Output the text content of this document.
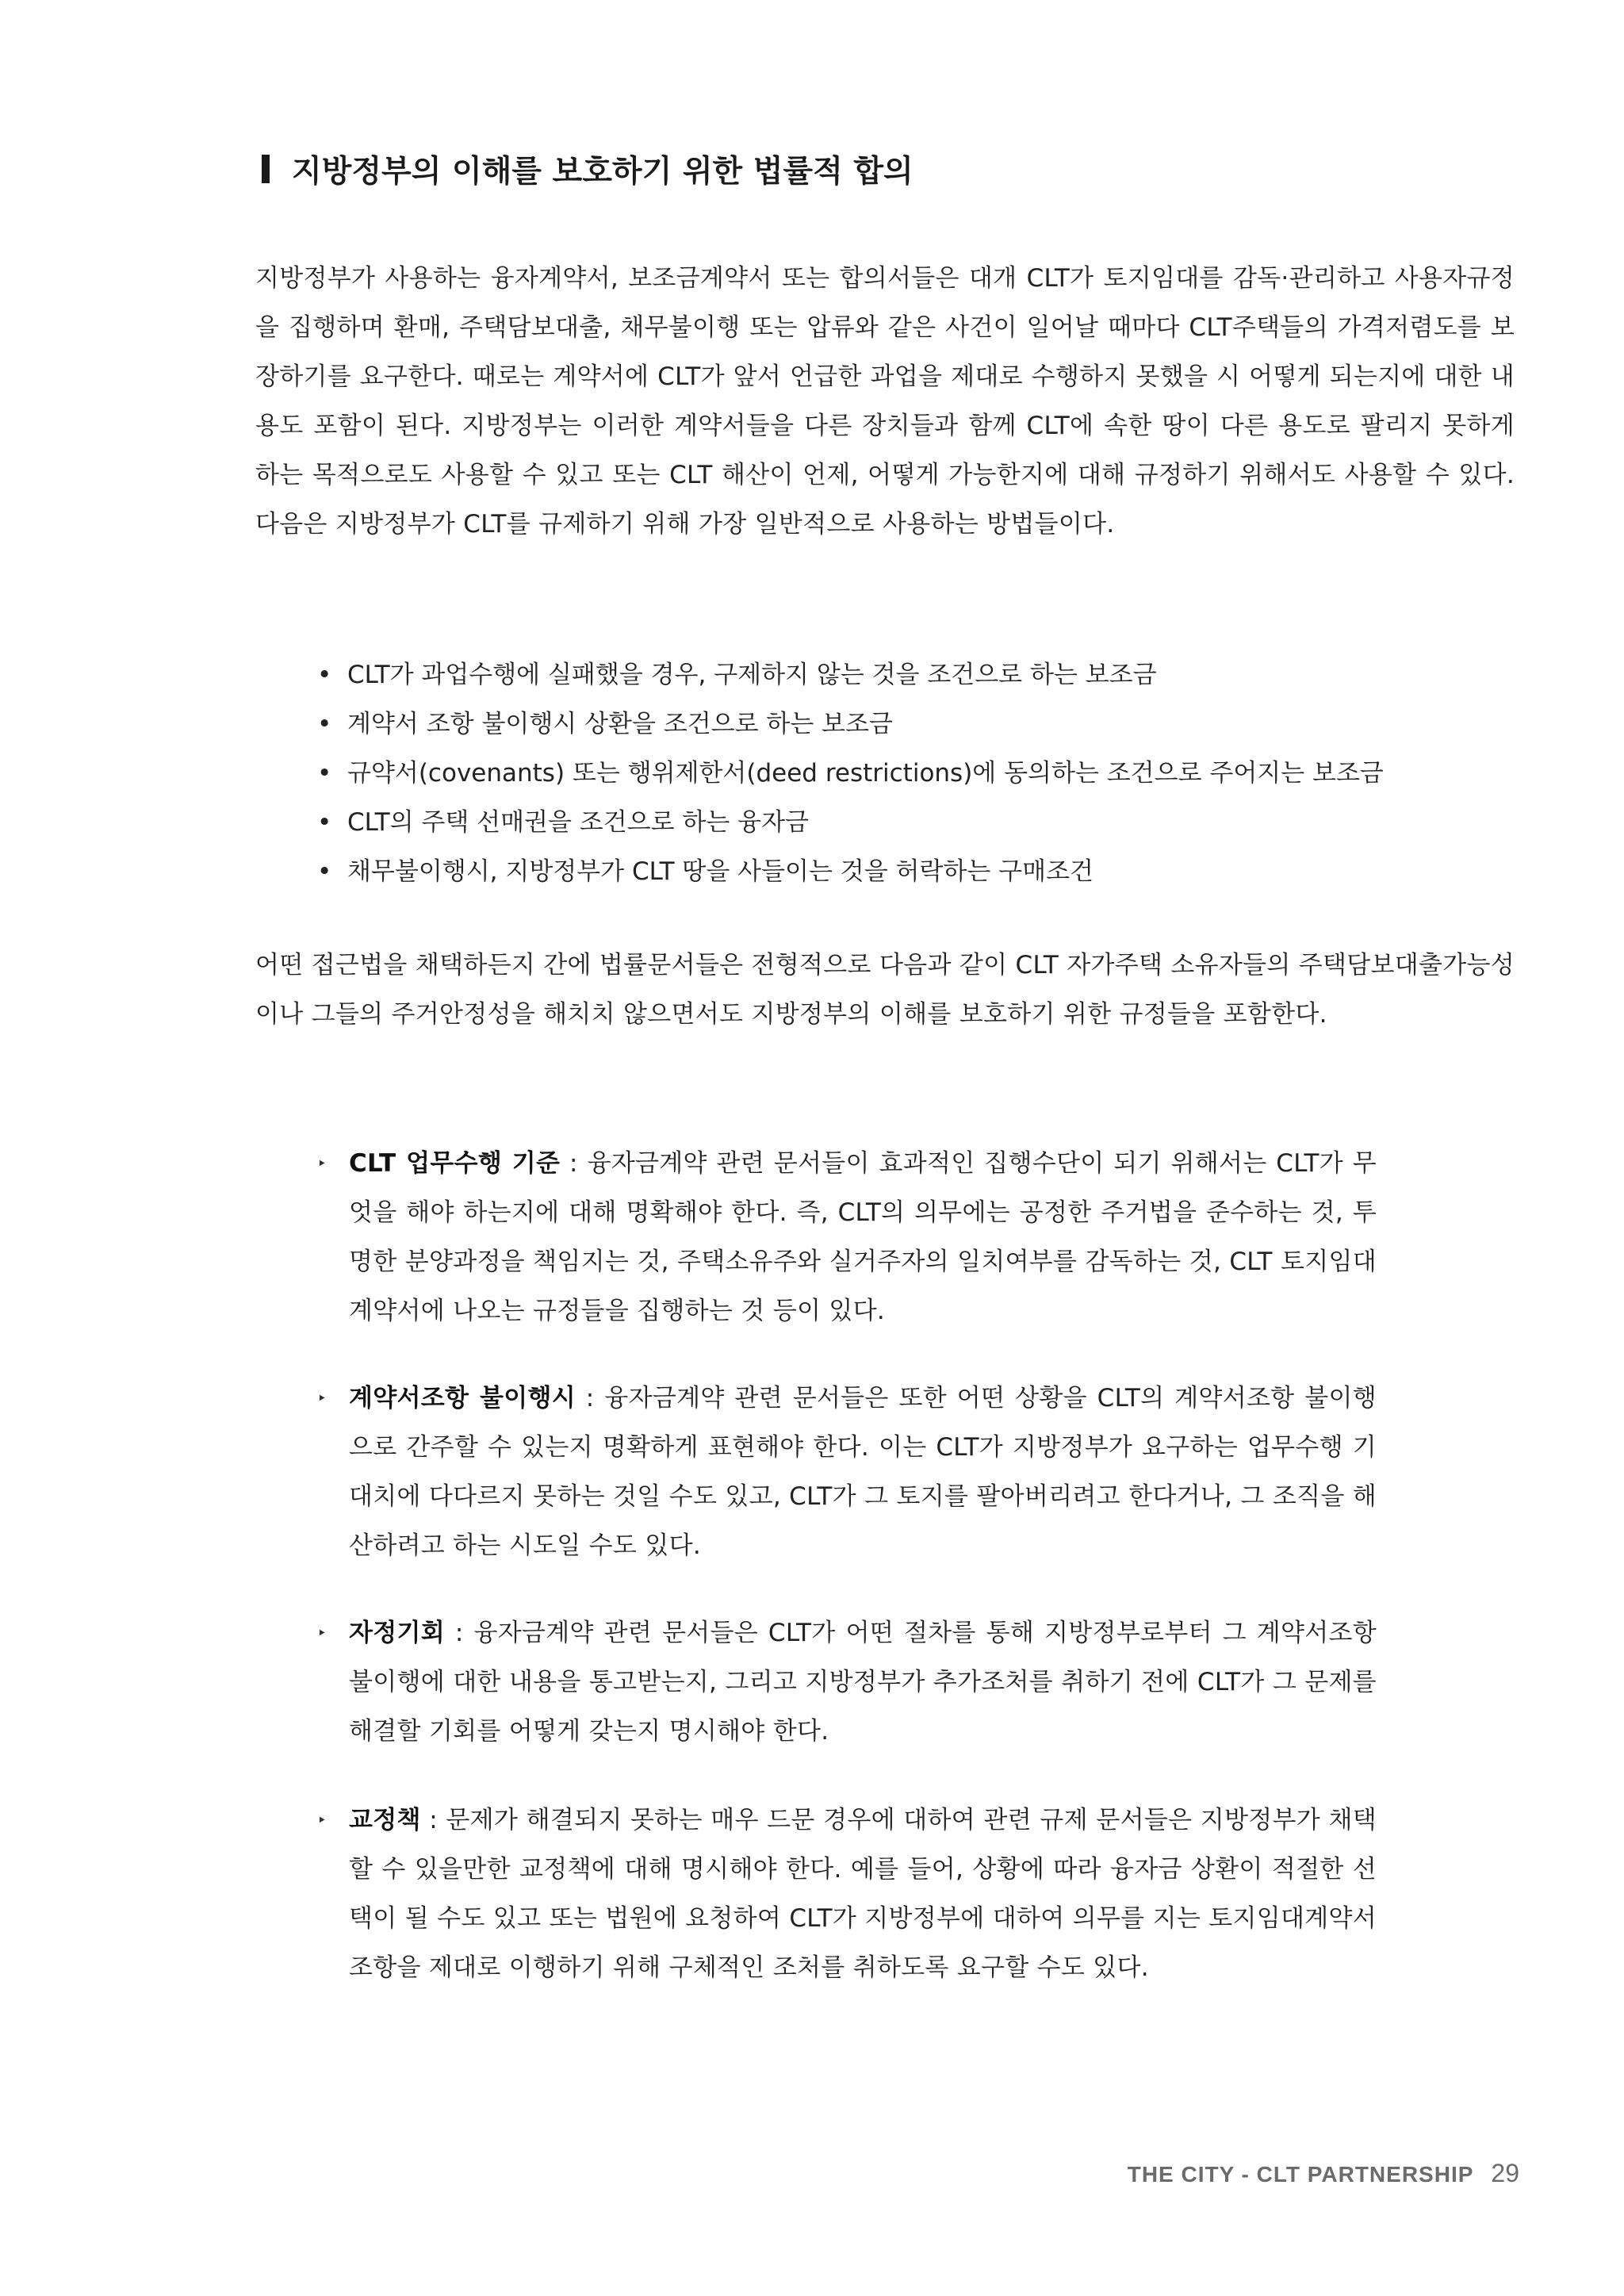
지방정부의 이해를 보호하기 위한 법률적 합의

지방정부가 사용하는 융자계약서, 보조금계약서 또는 합의서들은 대개 CLT가 토지임대를 감독·관리하고 사용자규정을 집행하며 환매, 주택담보대출, 채무불이행 또는 압류와 같은 사건이 일어날 때마다 CLT주택들의 가격저렴도를 보장하기를 요구한다. 때로는 계약서에 CLT가 앞서 언급한 과업을 제대로 수행하지 못했을 시 어떻게 되는지에 대한 내용도 포함이 된다. 지방정부는 이러한 계약서들을 다른 장치들과 함께 CLT에 속한 땅이 다른 용도로 팔리지 못하게 하는 목적으로도 사용할 수 있고 또는 CLT 해산이 언제, 어떻게 가능한지에 대해 규정하기 위해서도 사용할 수 있다. 다음은 지방정부가 CLT를 규제하기 위해 가장 일반적으로 사용하는 방법들이다.

• CLT가 과업수행에 실패했을 경우, 구제하지 않는 것을 조건으로 하는 보조금
• 계약서 조항 불이행시 상환을 조건으로 하는 보조금
• 규약서(covenants) 또는 행위제한서(deed restrictions)에 동의하는 조건으로 주어지는 보조금
• CLT의 주택 선매권을 조건으로 하는 융자금
• 채무불이행시, 지방정부가 CLT 땅을 사들이는 것을 허락하는 구매조건

어떤 접근법을 채택하든지 간에 법률문서들은 전형적으로 다음과 같이 CLT 자가주택 소유자들의 주택담보대출가능성이나 그들의 주거안정성을 해치치 않으면서도 지방정부의 이해를 보호하기 위한 규정들을 포함한다.

‣ CLT 업무수행 기준 : 융자금계약 관련 문서들이 효과적인 집행수단이 되기 위해서는 CLT가 무엇을 해야 하는지에 대해 명확해야 한다. 즉, CLT의 의무에는 공정한 주거법을 준수하는 것, 투명한 분양과정을 책임지는 것, 주택소유주와 실거주자의 일치여부를 감독하는 것, CLT 토지임대계약서에 나오는 규정들을 집행하는 것 등이 있다.

‣ 계약서조항 불이행시 : 융자금계약 관련 문서들은 또한 어떤 상황을 CLT의 계약서조항 불이행으로 간주할 수 있는지 명확하게 표현해야 한다. 이는 CLT가 지방정부가 요구하는 업무수행 기대치에 다다르지 못하는 것일 수도 있고, CLT가 그 토지를 팔아버리려고 한다거나, 그 조직을 해산하려고 하는 시도일 수도 있다.

‣ 자정기회 : 융자금계약 관련 문서들은 CLT가 어떤 절차를 통해 지방정부로부터 그 계약서조항 불이행에 대한 내용을 통고받는지, 그리고 지방정부가 추가조처를 취하기 전에 CLT가 그 문제를 해결할 기회를 어떻게 갖는지 명시해야 한다.

‣ 교정책 : 문제가 해결되지 못하는 매우 드문 경우에 대하여 관련 규제 문서들은 지방정부가 채택할 수 있을만한 교정책에 대해 명시해야 한다. 예를 들어, 상황에 따라 융자금 상환이 적절한 선택이 될 수도 있고 또는 법원에 요청하여 CLT가 지방정부에 대하여 의무를 지는 토지임대계약서 조항을 제대로 이행하기 위해 구체적인 조처를 취하도록 요구할 수도 있다.

THE CITY - CLT PARTNERSHIP 29
